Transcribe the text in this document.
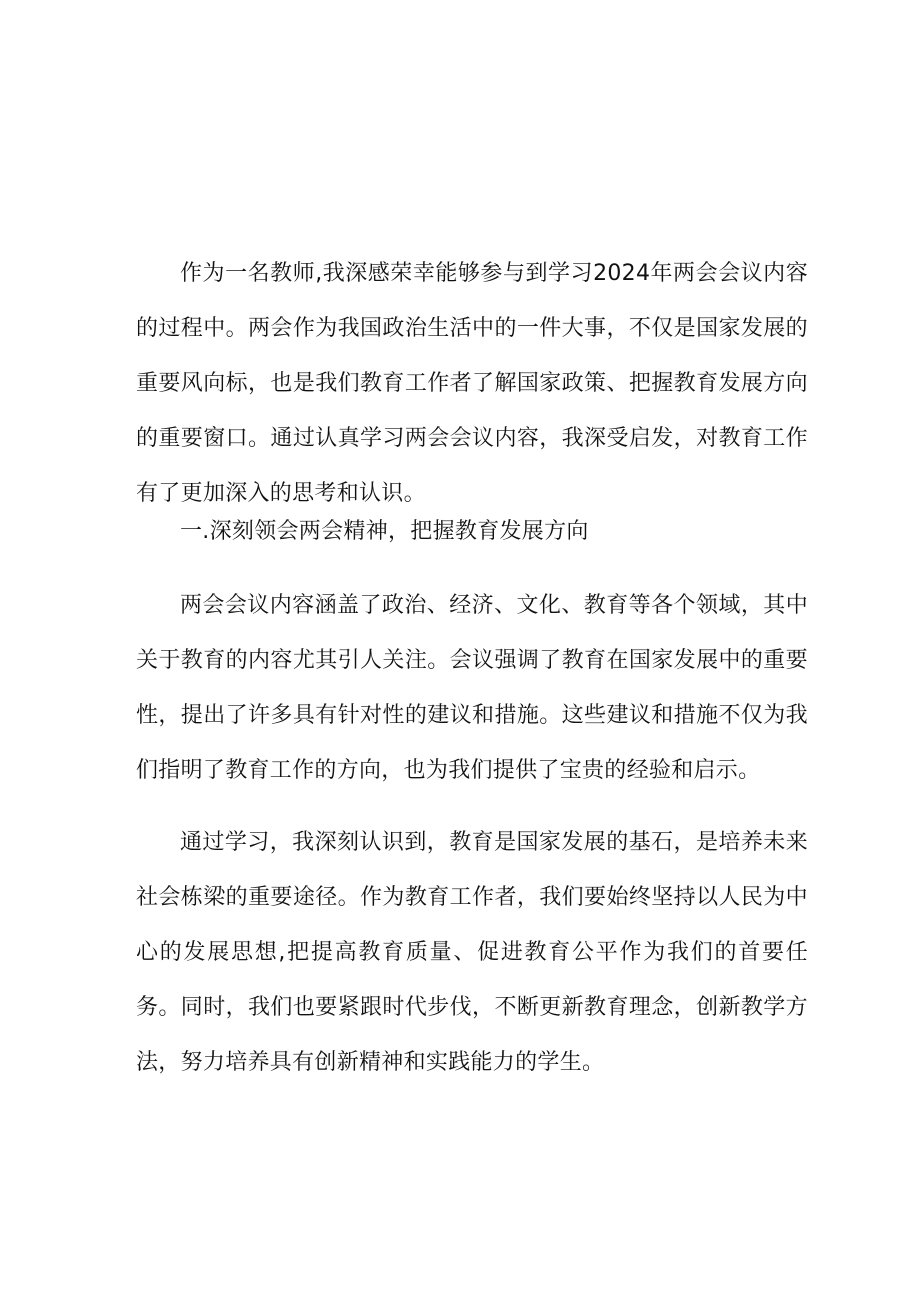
作为一名教师,我深感荣幸能够参与到学习2024年两会会议内容的过程中。两会作为我国政治生活中的一件大事，不仅是国家发展的重要风向标，也是我们教育工作者了解国家政策、把握教育发展方向的重要窗口。通过认真学习两会会议内容，我深受启发，对教育工作有了更加深入的思考和认识。

一.深刻领会两会精神，把握教育发展方向

两会会议内容涵盖了政治、经济、文化、教育等各个领域，其中关于教育的内容尤其引人关注。会议强调了教育在国家发展中的重要性，提出了许多具有针对性的建议和措施。这些建议和措施不仅为我们指明了教育工作的方向，也为我们提供了宝贵的经验和启示。

通过学习，我深刻认识到，教育是国家发展的基石，是培养未来社会栋梁的重要途径。作为教育工作者，我们要始终坚持以人民为中心的发展思想,把提高教育质量、促进教育公平作为我们的首要任务。同时，我们也要紧跟时代步伐，不断更新教育理念，创新教学方法，努力培养具有创新精神和实践能力的学生。
